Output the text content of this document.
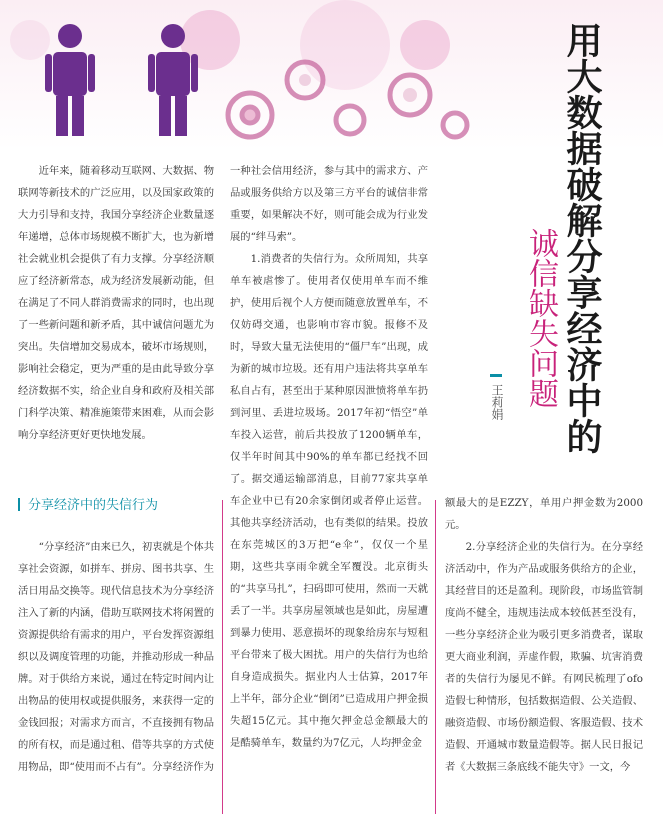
用大数据破解分享经济中的
诚信缺失问题
王莉娟

近年来，随着移动互联网、大数据、物联网等新技术的广泛应用，以及国家政策的大力引导和支持，我国分享经济企业数量逐年递增，总体市场规模不断扩大，也为新增社会就业机会提供了有力支撑。分享经济顺应了经济新常态，成为经济发展新动能，但在满足了不同人群消费需求的同时，也出现了一些新问题和新矛盾，其中诚信问题尤为突出。失信增加交易成本，破坏市场规则，影响社会稳定，更为严重的是由此导致分享经济数据不实，给企业自身和政府及相关部门科学决策、精准施策带来困难，从而会影响分享经济更好更快地发展。

分享经济中的失信行为

“分享经济”由来已久，初衷就是个体共享社会资源，如拼车、拼房、图书共享、生活日用品交换等。现代信息技术为分享经济注入了新的内涵，借助互联网技术将闲置的资源提供给有需求的用户，平台发挥资源组织以及调度管理的功能，并推动形成一种品牌。对于供给方来说，通过在特定时间内让出物品的使用权或提供服务，来获得一定的金钱回报；对需求方而言，不直接拥有物品的所有权，而是通过租、借等共享的方式使用物品，即“使用而不占有”。分享经济作为

一种社会信用经济，参与其中的需求方、产品或服务供给方以及第三方平台的诚信非常重要，如果解决不好，则可能会成为行业发展的“绊马索”。

1.消费者的失信行为。众所周知，共享单车被虐惨了。使用者仅使用单车而不维护，使用后视个人方便而随意放置单车，不仅妨碍交通，也影响市容市貌。报修不及时，导致大量无法使用的“僵尸车”出现，成为新的城市垃圾。还有用户违法将共享单车私自占有，甚至出于某种原因泄愤将单车扔到河里、丢进垃圾场。2017年初“悟空”单车投入运营，前后共投放了1200辆单车，仅半年时间其中90%的单车都已经找不回了。据交通运输部消息，目前77家共享单车企业中已有20余家倒闭或者停止运营。其他共享经济活动，也有类似的结果。投放在东莞城区的3万把“e伞”，仅仅一个星期，这些共享雨伞就全军覆没。北京街头的“共享马扎”，扫码即可使用，然而一天就丢了一半。共享房屋领域也是如此，房屋遭到暴力使用、恶意损坏的现象给房东与短租平台带来了极大困扰。用户的失信行为也给自身造成损失。据业内人士估算，2017年上半年，部分企业“倒闭”已造成用户押金损失超15亿元。其中拖欠押金总金额最大的是酷骑单车，数量约为7亿元，人均押金金

额最大的是EZZY，单用户押金数为2000元。

2.分享经济企业的失信行为。在分享经济活动中，作为产品或服务供给方的企业，其经营目的还是盈利。现阶段，市场监管制度尚不健全，违规违法成本较低甚至没有，一些分享经济企业为吸引更多消费者，谋取更大商业利润，弄虚作假，欺骗、坑害消费者的失信行为屡见不鲜。有网民梳理了ofo造假七种情形，包括数据造假、公关造假、融资造假、市场份额造假、客服造假、技术造假、开通城市数量造假等。据人民日报记者《大数据三条底线不能失守》一文，今
